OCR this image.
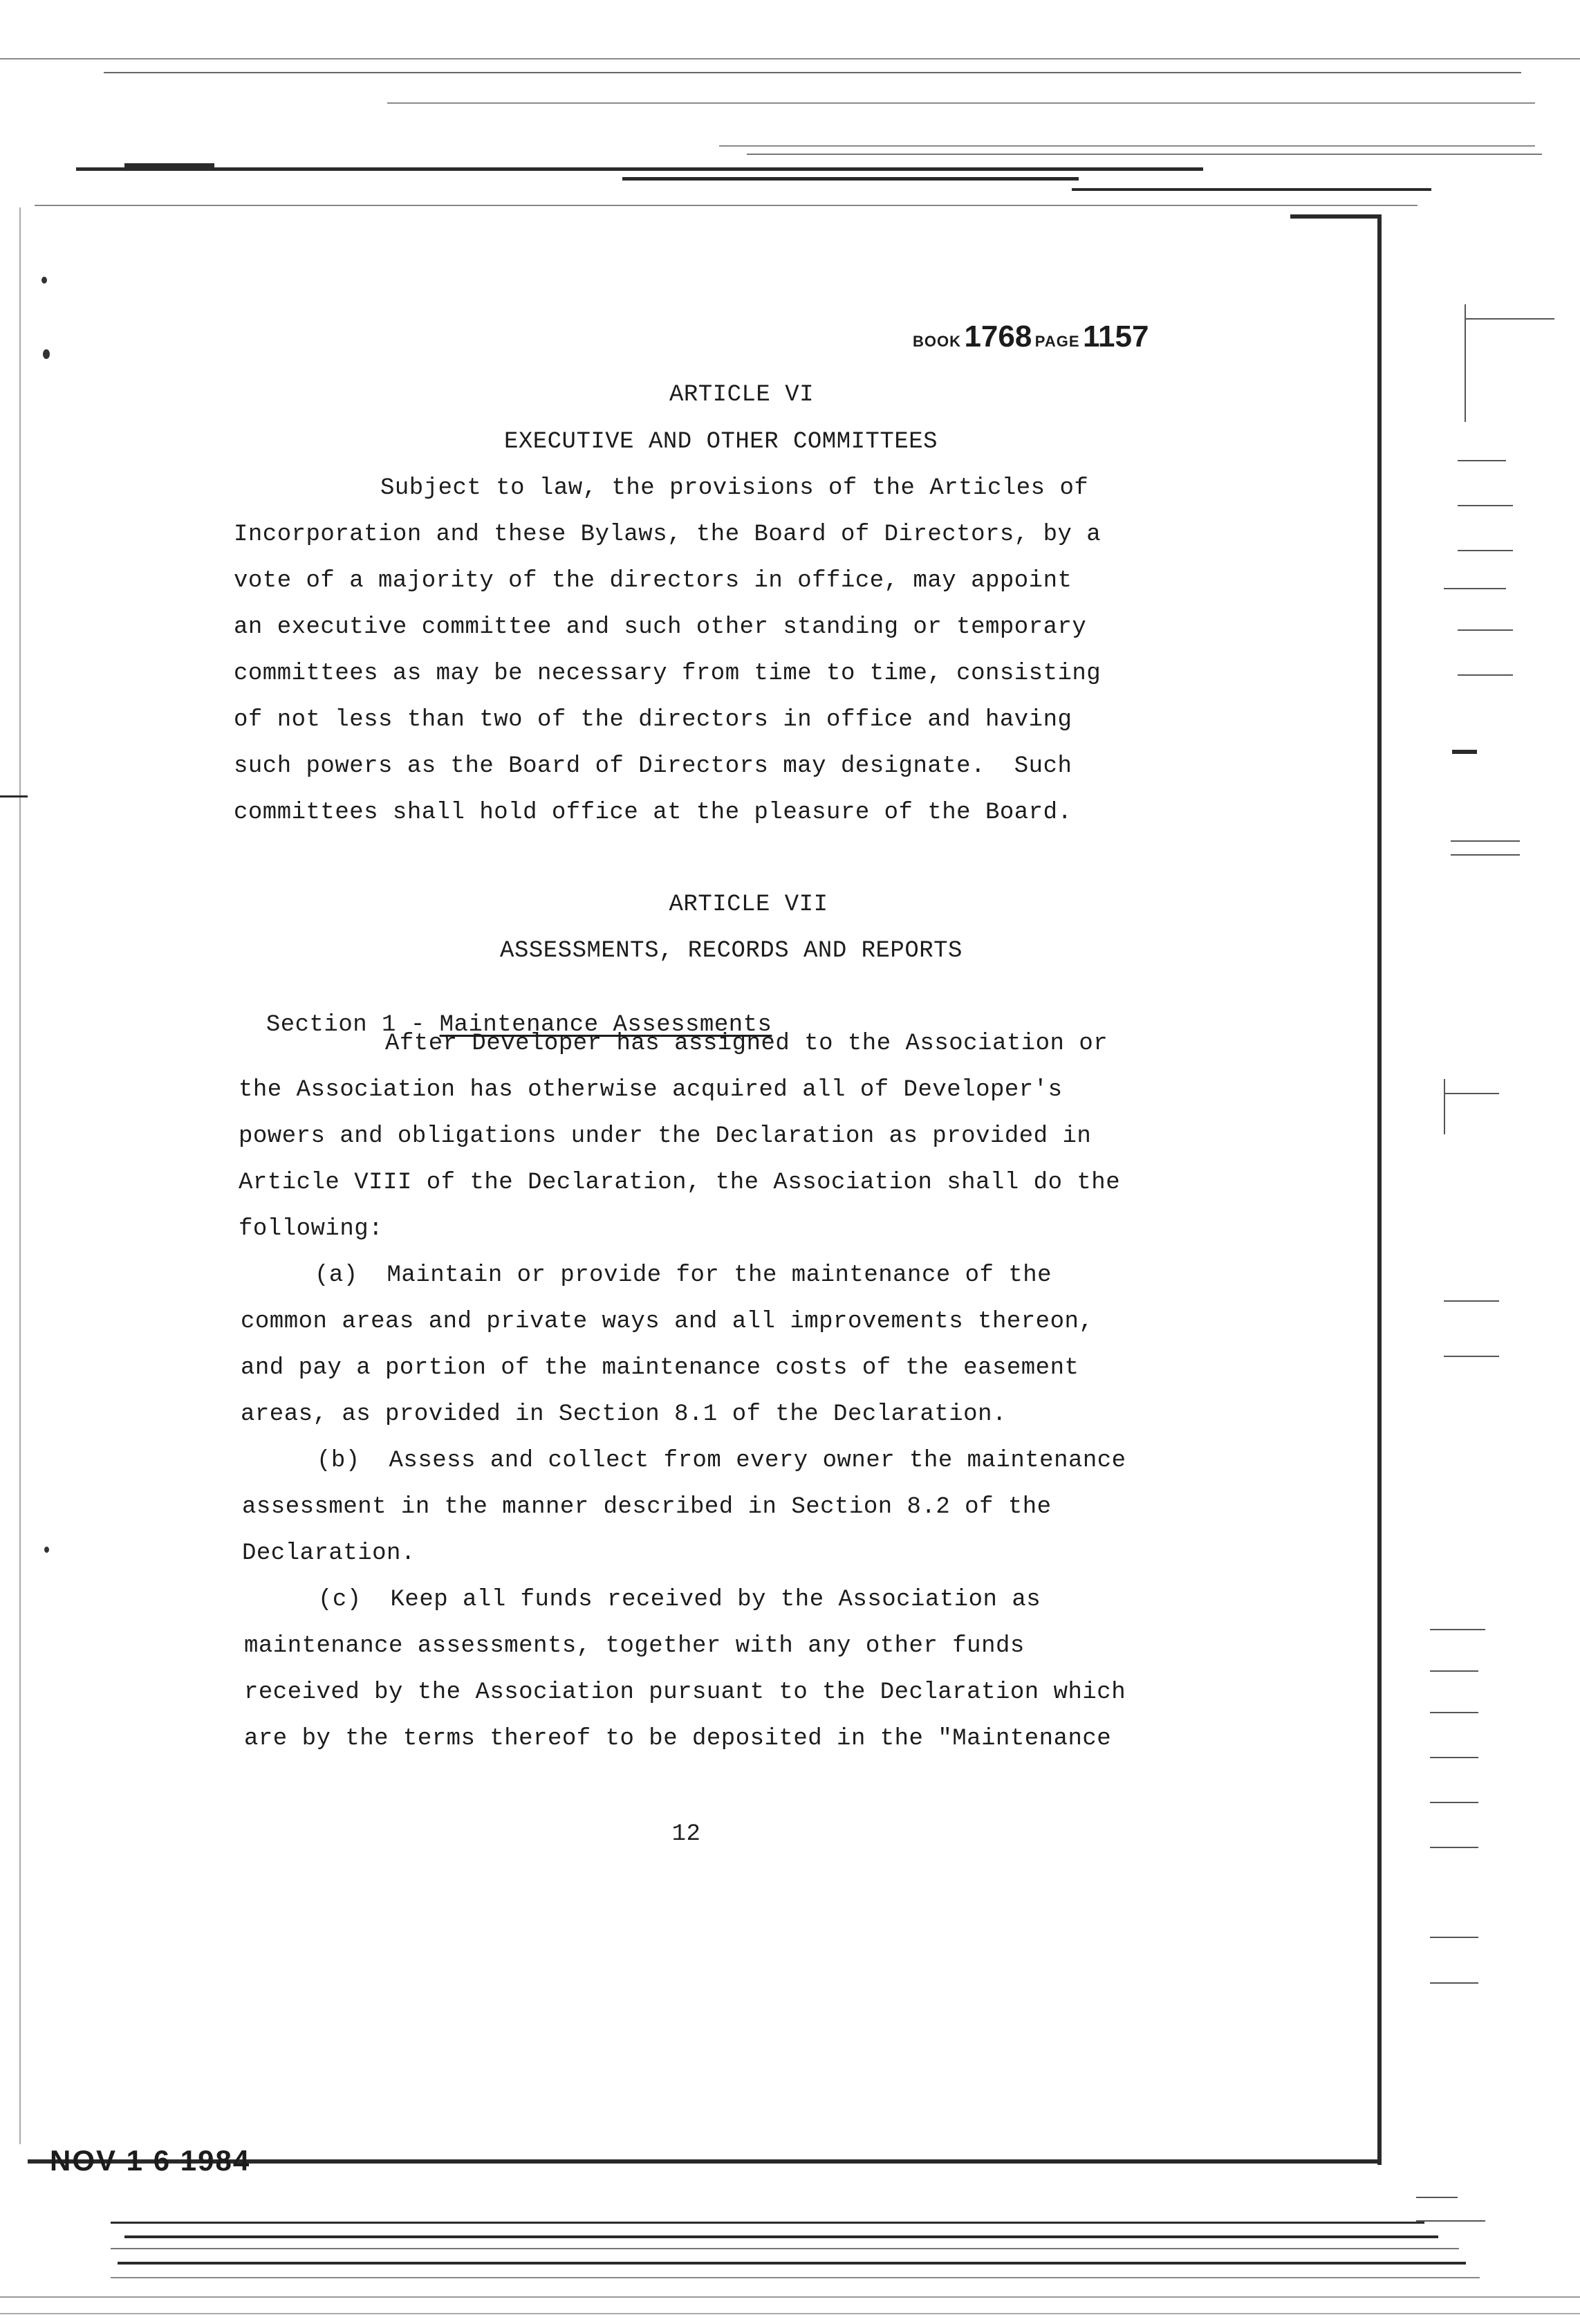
BOOK 1768 PAGE 1157
ARTICLE VI
EXECUTIVE AND OTHER COMMITTEES
Subject to law, the provisions of the Articles of
Incorporation and these Bylaws, the Board of Directors, by a
vote of a majority of the directors in office, may appoint
an executive committee and such other standing or temporary
committees as may be necessary from time to time, consisting
of not less than two of the directors in office and having
such powers as the Board of Directors may designate.  Such
committees shall hold office at the pleasure of the Board.
ARTICLE VII
ASSESSMENTS, RECORDS AND REPORTS

Section 1 - Maintenance Assessments

After Developer has assigned to the Association or
the Association has otherwise acquired all of Developer's
powers and obligations under the Declaration as provided in
Article VIII of the Declaration, the Association shall do the
following:
(a)  Maintain or provide for the maintenance of the
common areas and private ways and all improvements thereon,
and pay a portion of the maintenance costs of the easement
areas, as provided in Section 8.1 of the Declaration.
(b)  Assess and collect from every owner the maintenance
assessment in the manner described in Section 8.2 of the
Declaration.
(c)  Keep all funds received by the Association as
maintenance assessments, together with any other funds
received by the Association pursuant to the Declaration which
are by the terms thereof to be deposited in the "Maintenance
12
NOV 1 6 1984
